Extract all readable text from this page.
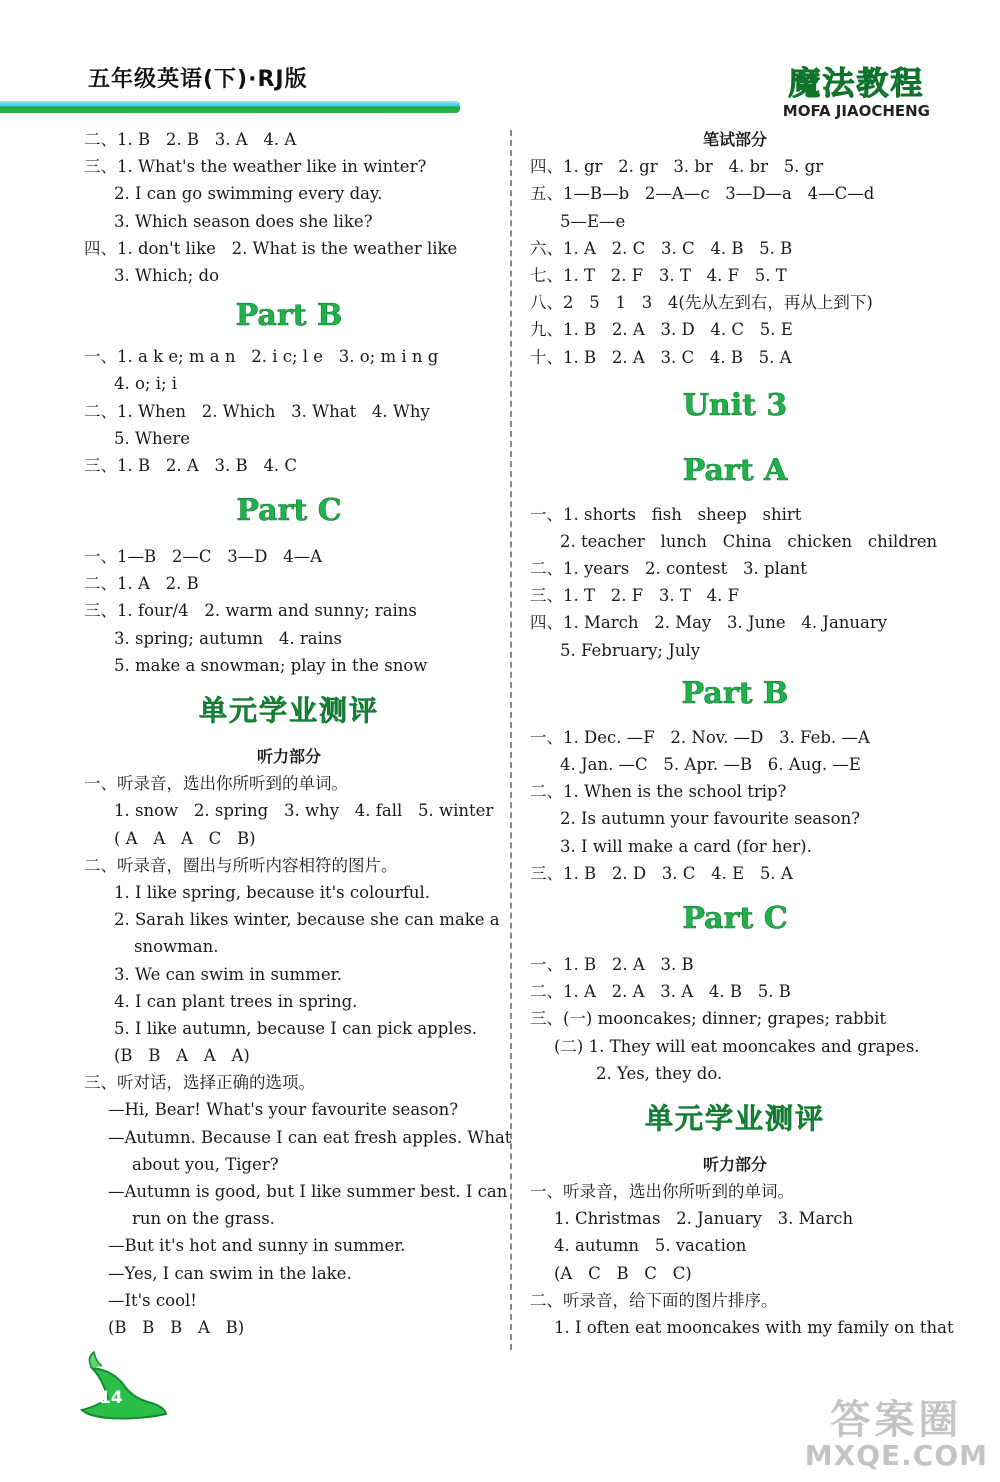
五年级英语(下)·RJ版	魔法教程
MOFA JIAOCHENG
二、1. B   2. B   3. A   4. A
三、1. What's the weather like in winter?
2. I can go swimming every day.
3. Which season does she like?
四、1. don't like   2. What is the weather like
3. Which; do
Part B
一、1. a k e; m a n   2. i c; l e   3. o; m i n g
4. o; i; i
二、1. When   2. Which   3. What   4. Why
5. Where
三、1. B   2. A   3. B   4. C
Part C
一、1—B   2—C   3—D   4—A
二、1. A   2. B
三、1. four/4   2. warm and sunny; rains
3. spring; autumn   4. rains
5. make a snowman; play in the snow
单元学业测评
听力部分
一、听录音，选出你所听到的单词。
1. snow   2. spring   3. why   4. fall   5. winter
( A   A   A   C   B)
二、听录音，圈出与所听内容相符的图片。
1. I like spring, because it's colourful.
2. Sarah likes winter, because she can make a
snowman.
3. We can swim in summer.
4. I can plant trees in spring.
5. I like autumn, because I can pick apples.
(B   B   A   A   A)
三、听对话，选择正确的选项。
—Hi, Bear! What's your favourite season?
—Autumn. Because I can eat fresh apples. What
about you, Tiger?
—Autumn is good, but I like summer best. I can
run on the grass.
—But it's hot and sunny in summer.
—Yes, I can swim in the lake.
—It's cool!
(B   B   B   A   B)
笔试部分
四、1. gr   2. gr   3. br   4. br   5. gr
五、1—B—b   2—A—c   3—D—a   4—C—d
5—E—e
六、1. A   2. C   3. C   4. B   5. B
七、1. T   2. F   3. T   4. F   5. T
八、2   5   1   3   4(先从左到右，再从上到下)
九、1. B   2. A   3. D   4. C   5. E
十、1. B   2. A   3. C   4. B   5. A
Unit 3
Part A
一、1. shorts   fish   sheep   shirt
2. teacher   lunch   China   chicken   children
二、1. years   2. contest   3. plant
三、1. T   2. F   3. T   4. F
四、1. March   2. May   3. June   4. January
5. February; July
Part B
一、1. Dec. —F   2. Nov. —D   3. Feb. —A
4. Jan. —C   5. Apr. —B   6. Aug. —E
二、1. When is the school trip?
2. Is autumn your favourite season?
3. I will make a card (for her).
三、1. B   2. D   3. C   4. E   5. A
Part C
一、1. B   2. A   3. B
二、1. A   2. A   3. A   4. B   5. B
三、(一) mooncakes; dinner; grapes; rabbit
(二) 1. They will eat mooncakes and grapes.
2. Yes, they do.
单元学业测评
听力部分
一、听录音，选出你所听到的单词。
1. Christmas   2. January   3. March
4. autumn   5. vacation
(A   C   B   C   C)
二、听录音，给下面的图片排序。
1. I often eat mooncakes with my family on that
214	答案圈
MXQE.COM
